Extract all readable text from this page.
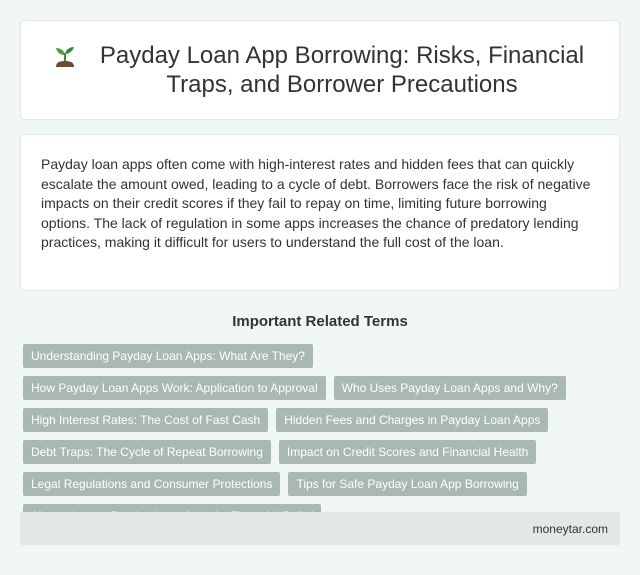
Payday Loan App Borrowing: Risks, Financial Traps, and Borrower Precautions

Payday loan apps often come with high-interest rates and hidden fees that can quickly escalate the amount owed, leading to a cycle of debt. Borrowers face the risk of negative impacts on their credit scores if they fail to repay on time, limiting future borrowing options. The lack of regulation in some apps increases the chance of predatory lending practices, making it difficult for users to understand the full cost of the loan.

Important Related Terms
Understanding Payday Loan Apps: What Are They?
How Payday Loan Apps Work: Application to Approval	Who Uses Payday Loan Apps and Why?
High Interest Rates: The Cost of Fast Cash	Hidden Fees and Charges in Payday Loan Apps
Debt Traps: The Cycle of Repeat Borrowing	Impact on Credit Scores and Financial Health
Legal Regulations and Consumer Protections	Tips for Safe Payday Loan App Borrowing
moneytar.com
